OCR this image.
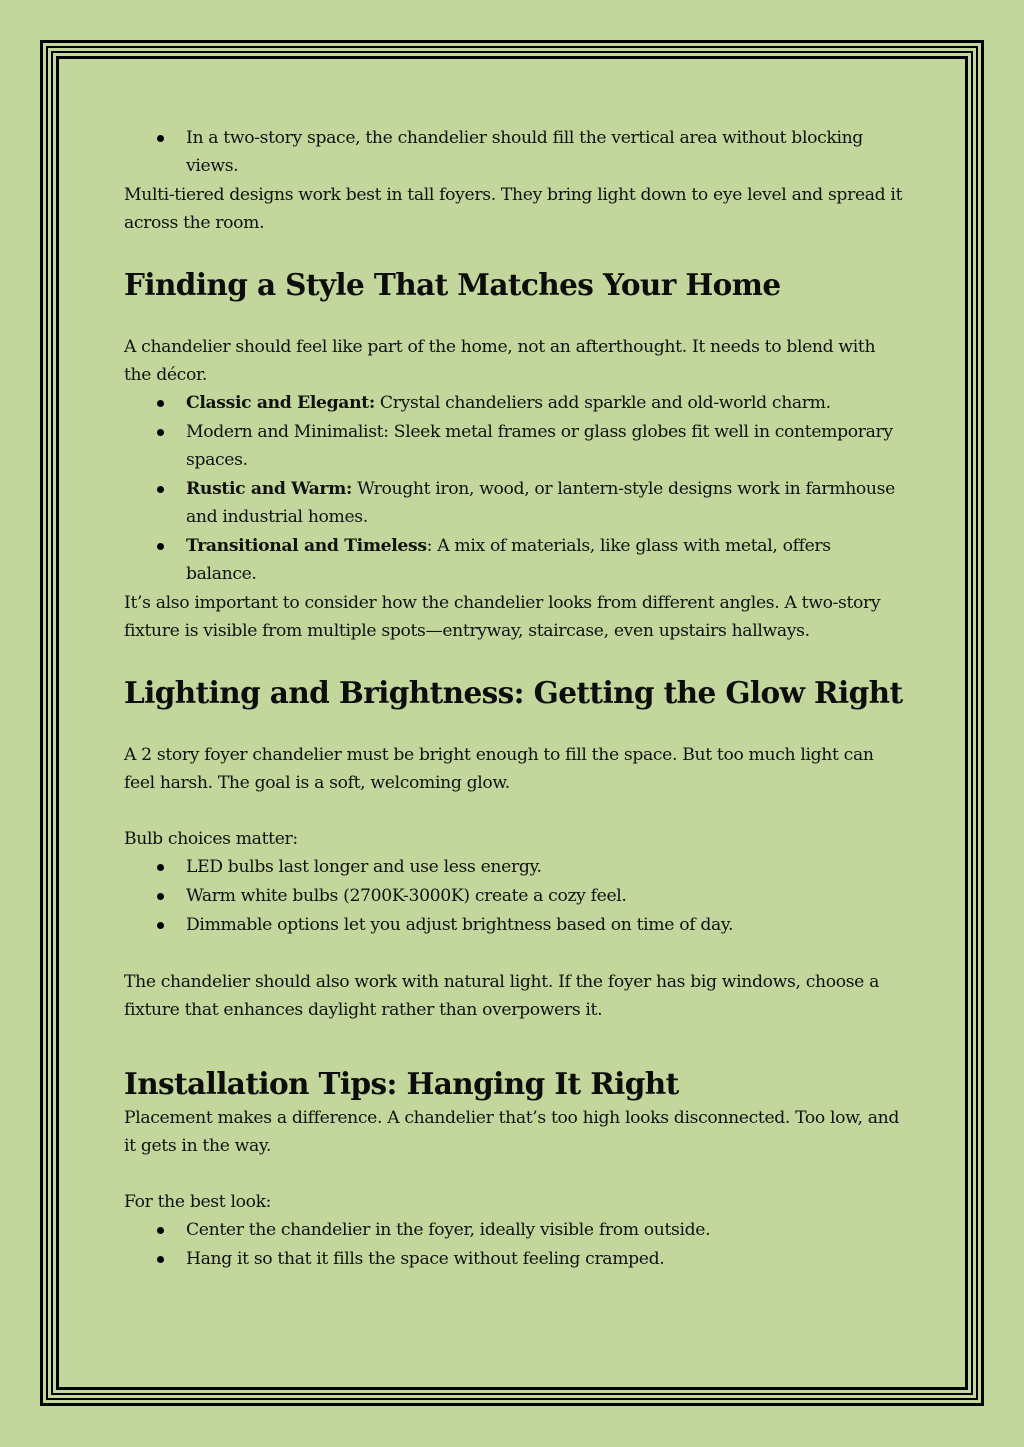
In a two-story space, the chandelier should fill the vertical area without blocking views.

Multi-tiered designs work best in tall foyers. They bring light down to eye level and spread it across the room.

Finding a Style That Matches Your Home

A chandelier should feel like part of the home, not an afterthought. It needs to blend with the décor.

Classic and Elegant: Crystal chandeliers add sparkle and old-world charm.
Modern and Minimalist: Sleek metal frames or glass globes fit well in contemporary spaces.
Rustic and Warm: Wrought iron, wood, or lantern-style designs work in farmhouse and industrial homes.
Transitional and Timeless: A mix of materials, like glass with metal, offers balance.

It’s also important to consider how the chandelier looks from different angles. A two-story fixture is visible from multiple spots—entryway, staircase, even upstairs hallways.

Lighting and Brightness: Getting the Glow Right

A 2 story foyer chandelier must be bright enough to fill the space. But too much light can feel harsh. The goal is a soft, welcoming glow.

Bulb choices matter:

LED bulbs last longer and use less energy.
Warm white bulbs (2700K-3000K) create a cozy feel.
Dimmable options let you adjust brightness based on time of day.

The chandelier should also work with natural light. If the foyer has big windows, choose a fixture that enhances daylight rather than overpowers it.

Installation Tips: Hanging It Right

Placement makes a difference. A chandelier that’s too high looks disconnected. Too low, and it gets in the way.

For the best look:

Center the chandelier in the foyer, ideally visible from outside.
Hang it so that it fills the space without feeling cramped.
